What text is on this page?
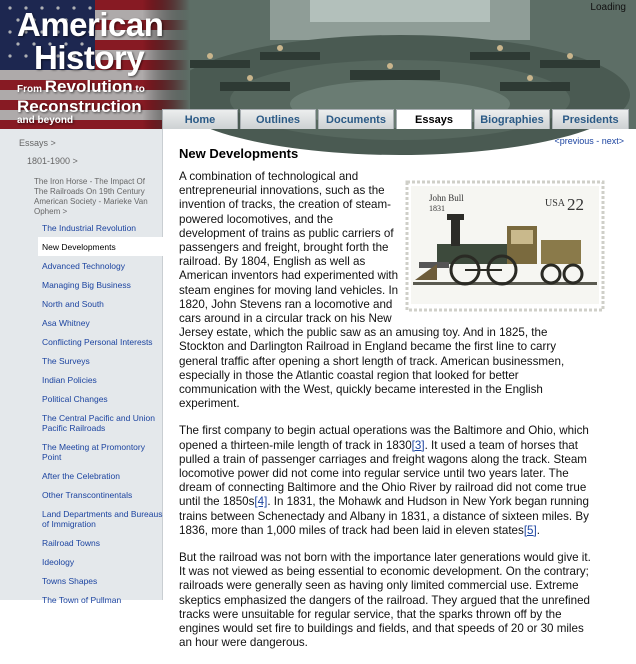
American
History
From Revolution to
Reconstruction
and beyond
Loading
Home	Outlines	Documents	Essays	Biographies	Presidents
Essays >
1801-1900 >
The Iron Horse - The Impact Of The Railroads On 19th Century American Society - Marieke Van Ophem >
The Industrial Revolution
New Developments
Advanced Technology
Managing Big Business
North and South
Asa Whitney
Conflicting Personal Interests
The Surveys
Indian Policies
Political Changes
The Central Pacific and Union Pacific Railroads
The Meeting at Promontory Point
After the Celebration
Other Transcontinentals
Land Departments and Bureaus of Immigration
Railroad Towns
Ideology
Towns Shapes
The Town of Pullman
<previous - next>
New Developments
John Bull
1831	USA 22

A combination of technological and entrepreneurial innovations, such as the invention of tracks, the creation of steam-powered locomotives, and the development of trains as public carriers of passengers and freight, brought forth the railroad. By 1804, English as well as American inventors had experimented with steam engines for moving land vehicles. In 1820, John Stevens ran a locomotive and cars around in a circular track on his New Jersey estate, which the public saw as an amusing toy. And in 1825, the Stockton and Darlington Railroad in England became the first line to carry general traffic after opening a short length of track. American businessmen, especially in those the Atlantic coastal region that looked for better communication with the West, quickly became interested in the English experiment.

The first company to begin actual operations was the Baltimore and Ohio, which opened a thirteen-mile length of track in 1830[3]. It used a team of horses that pulled a train of passenger carriages and freight wagons along the track. Steam locomotive power did not come into regular service until two years later. The dream of connecting Baltimore and the Ohio River by railroad did not come true until the 1850s[4]. In 1831, the Mohawk and Hudson in New York began running trains between Schenectady and Albany in 1831, a distance of sixteen miles. By 1836, more than 1,000 miles of track had been laid in eleven states[5].

But the railroad was not born with the importance later generations would give it. It was not viewed as being essential to economic development. On the contrary; railroads were generally seen as having only limited commercial use. Extreme skeptics emphasized the dangers of the railroad. They argued that the unrefined tracks were unsuitable for regular service, that the sparks thrown off by the engines would set fire to buildings and fields, and that speeds of 20 or 30 miles an hour were dangerous.
